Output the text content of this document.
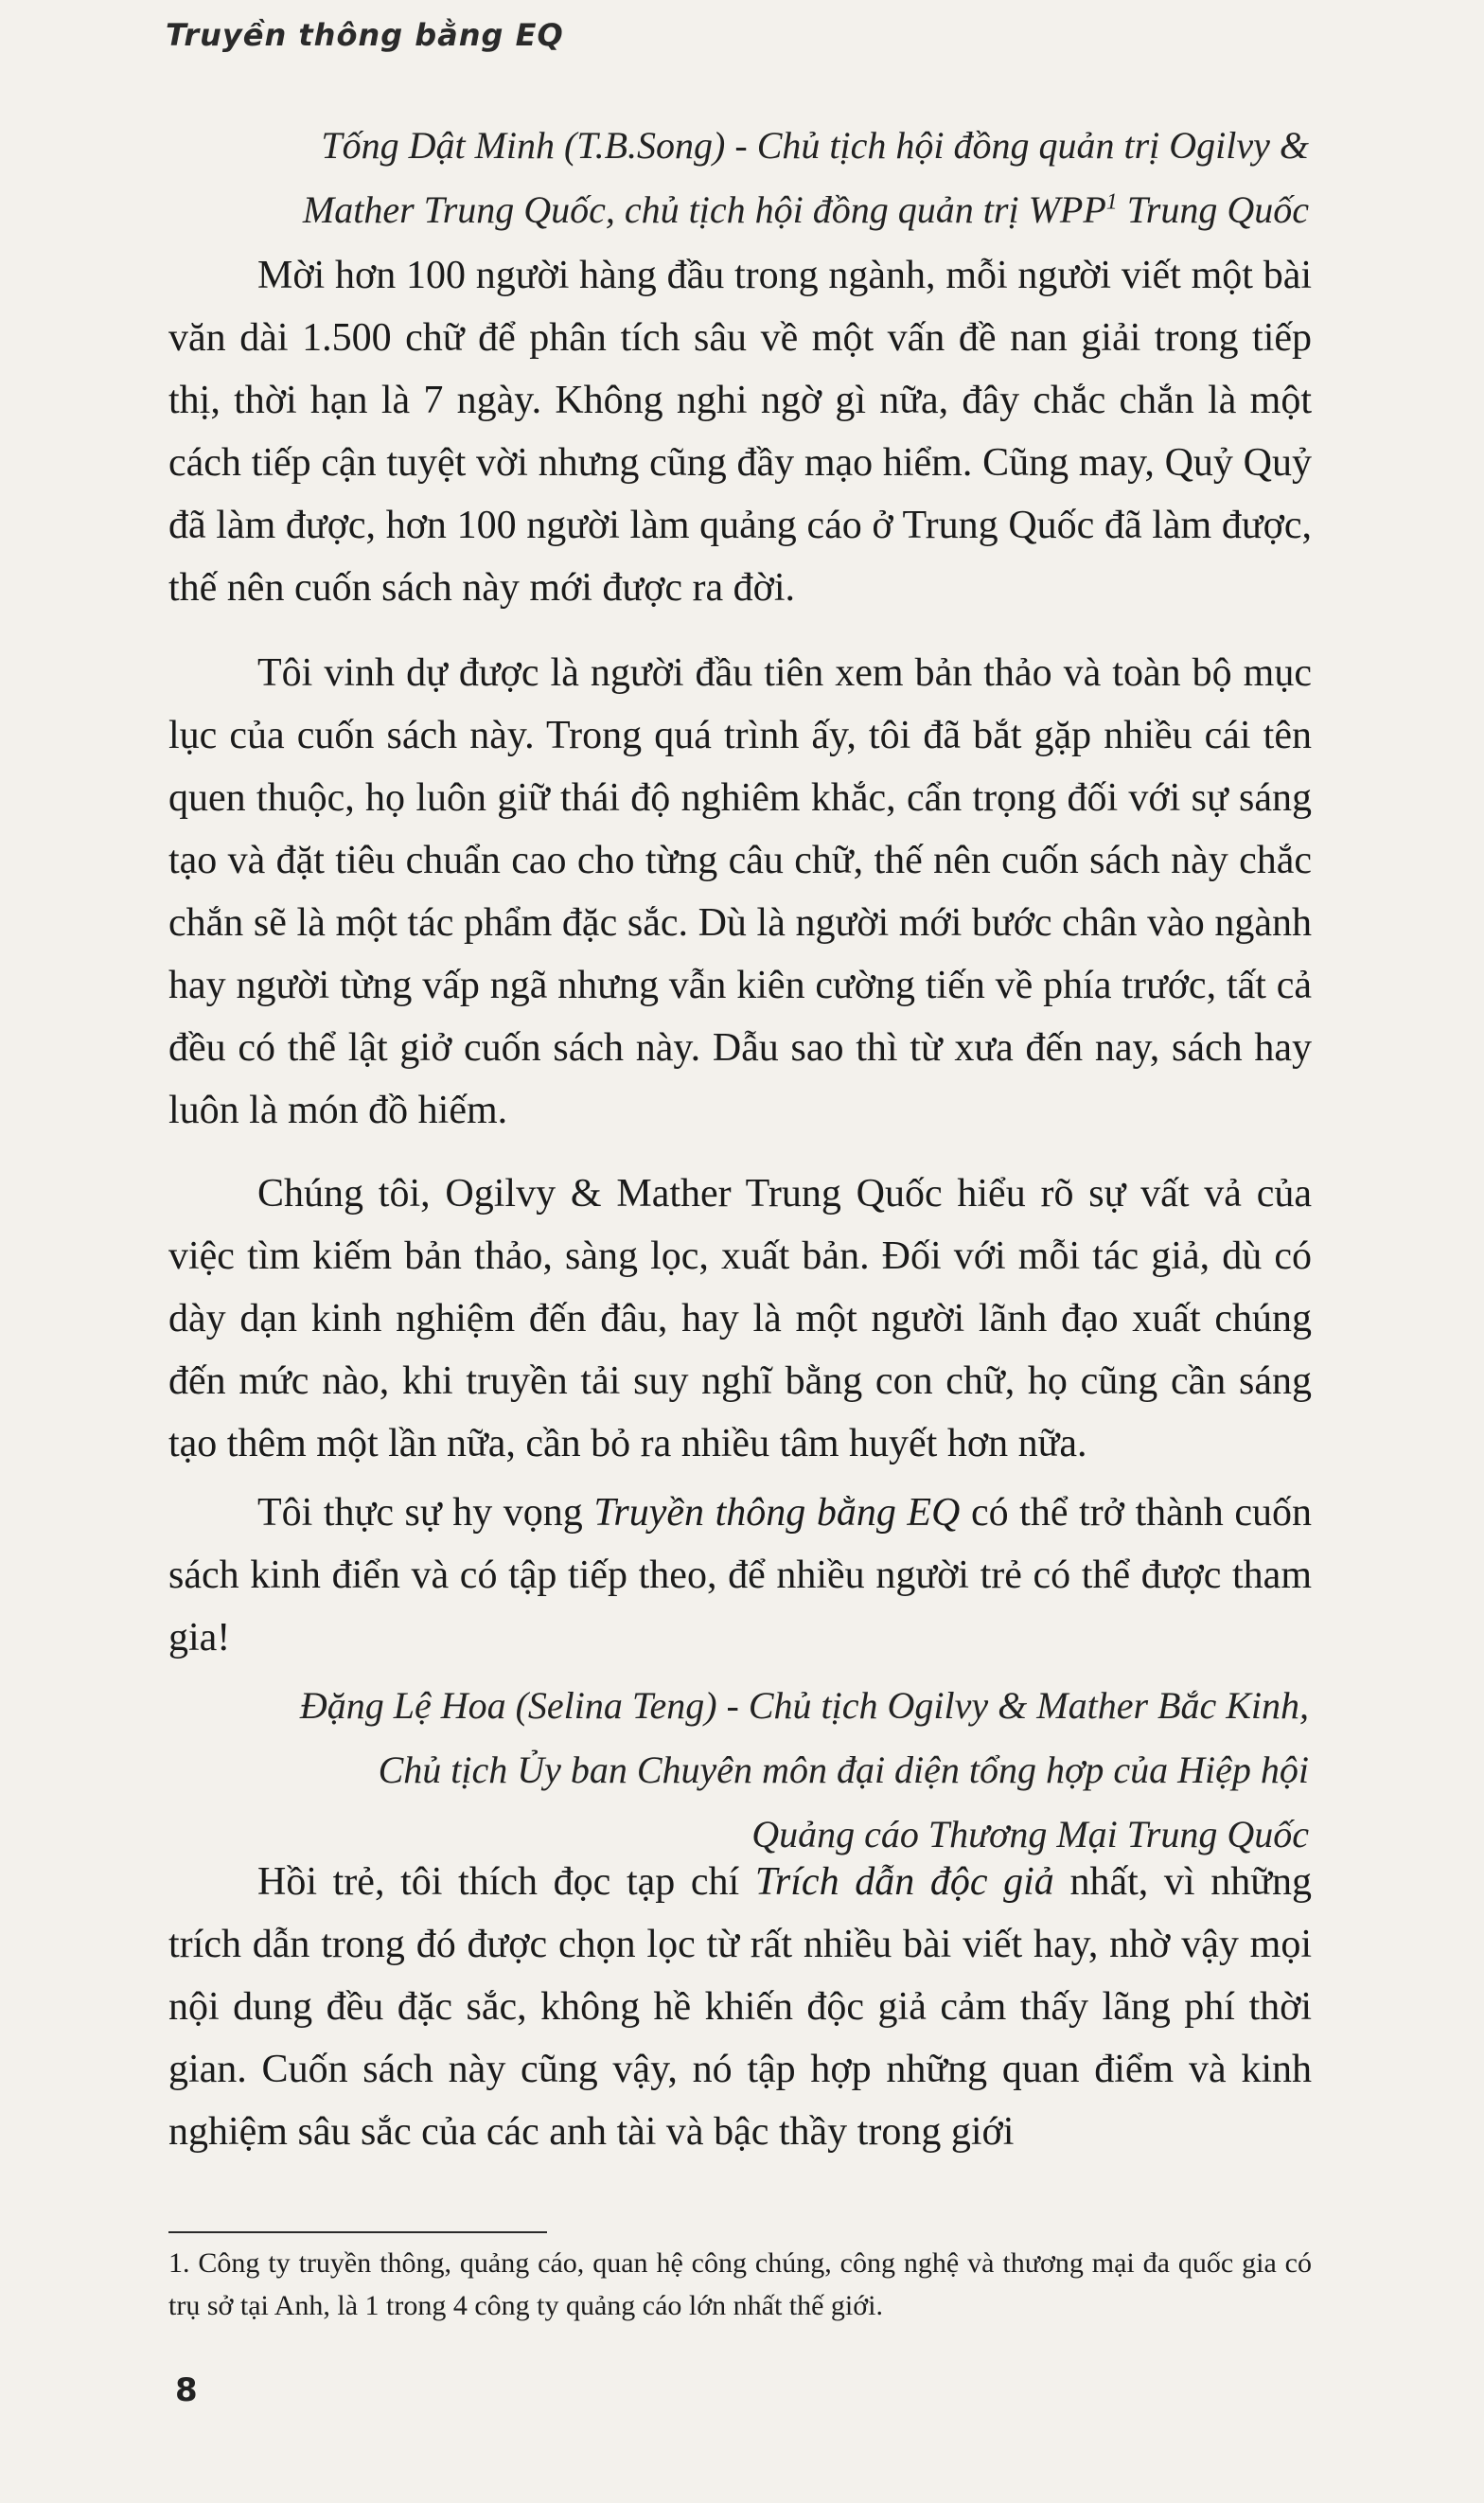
Truyền thông bằng EQ
Tống Dật Minh (T.B.Song) - Chủ tịch hội đồng quản trị Ogilvy &
Mather Trung Quốc, chủ tịch hội đồng quản trị WPP$^1$ Trung Quốc

Mời hơn 100 người hàng đầu trong ngành, mỗi người viết một bài văn dài 1.500 chữ để phân tích sâu về một vấn đề nan giải trong tiếp thị, thời hạn là 7 ngày. Không nghi ngờ gì nữa, đây chắc chắn là một cách tiếp cận tuyệt vời nhưng cũng đầy mạo hiểm. Cũng may, Quỷ Quỷ đã làm được, hơn 100 người làm quảng cáo ở Trung Quốc đã làm được, thế nên cuốn sách này mới được ra đời.

Tôi vinh dự được là người đầu tiên xem bản thảo và toàn bộ mục lục của cuốn sách này. Trong quá trình ấy, tôi đã bắt gặp nhiều cái tên quen thuộc, họ luôn giữ thái độ nghiêm khắc, cẩn trọng đối với sự sáng tạo và đặt tiêu chuẩn cao cho từng câu chữ, thế nên cuốn sách này chắc chắn sẽ là một tác phẩm đặc sắc. Dù là người mới bước chân vào ngành hay người từng vấp ngã nhưng vẫn kiên cường tiến về phía trước, tất cả đều có thể lật giở cuốn sách này. Dẫu sao thì từ xưa đến nay, sách hay luôn là món đồ hiếm.

Chúng tôi, Ogilvy & Mather Trung Quốc hiểu rõ sự vất vả của việc tìm kiếm bản thảo, sàng lọc, xuất bản. Đối với mỗi tác giả, dù có dày dạn kinh nghiệm đến đâu, hay là một người lãnh đạo xuất chúng đến mức nào, khi truyền tải suy nghĩ bằng con chữ, họ cũng cần sáng tạo thêm một lần nữa, cần bỏ ra nhiều tâm huyết hơn nữa.

Tôi thực sự hy vọng Truyền thông bằng EQ có thể trở thành cuốn sách kinh điển và có tập tiếp theo, để nhiều người trẻ có thể được tham gia!

Đặng Lệ Hoa (Selina Teng) - Chủ tịch Ogilvy & Mather Bắc Kinh,
Chủ tịch Ủy ban Chuyên môn đại diện tổng hợp của Hiệp hội
Quảng cáo Thương Mại Trung Quốc

Hồi trẻ, tôi thích đọc tạp chí Trích dẫn độc giả nhất, vì những trích dẫn trong đó được chọn lọc từ rất nhiều bài viết hay, nhờ vậy mọi nội dung đều đặc sắc, không hề khiến độc giả cảm thấy lãng phí thời gian. Cuốn sách này cũng vậy, nó tập hợp những quan điểm và kinh nghiệm sâu sắc của các anh tài và bậc thầy trong giới

1. Công ty truyền thông, quảng cáo, quan hệ công chúng, công nghệ và thương mại đa quốc gia có trụ sở tại Anh, là 1 trong 4 công ty quảng cáo lớn nhất thế giới.

8
